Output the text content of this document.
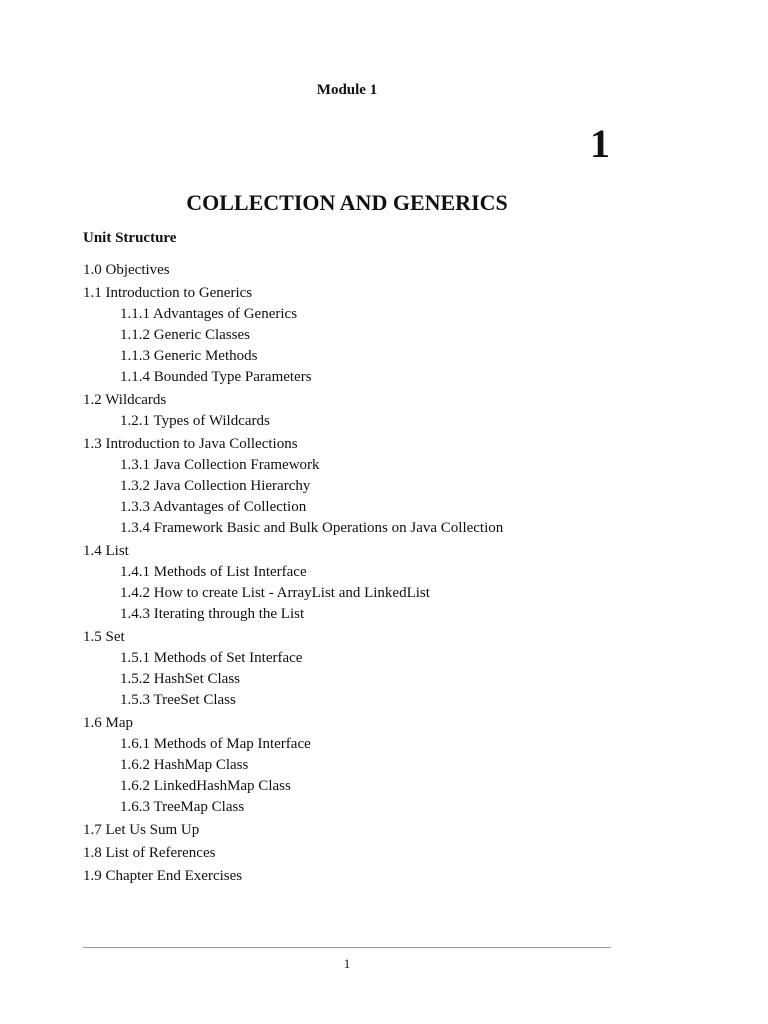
Module 1
1
COLLECTION AND GENERICS
Unit Structure
1.0 Objectives
1.1 Introduction to Generics
1.1.1 Advantages of Generics
1.1.2 Generic Classes
1.1.3 Generic Methods
1.1.4 Bounded Type Parameters
1.2 Wildcards
1.2.1 Types of Wildcards
1.3 Introduction to Java Collections
1.3.1 Java Collection Framework
1.3.2 Java Collection Hierarchy
1.3.3 Advantages of Collection
1.3.4 Framework Basic and Bulk Operations on Java Collection
1.4 List
1.4.1 Methods of List Interface
1.4.2 How to create List - ArrayList and LinkedList
1.4.3 Iterating through the List
1.5 Set
1.5.1 Methods of Set Interface
1.5.2 HashSet Class
1.5.3 TreeSet Class
1.6 Map
1.6.1 Methods of Map Interface
1.6.2 HashMap Class
1.6.2 LinkedHashMap Class
1.6.3 TreeMap Class
1.7 Let Us Sum Up
1.8 List of References
1.9 Chapter End Exercises
1
